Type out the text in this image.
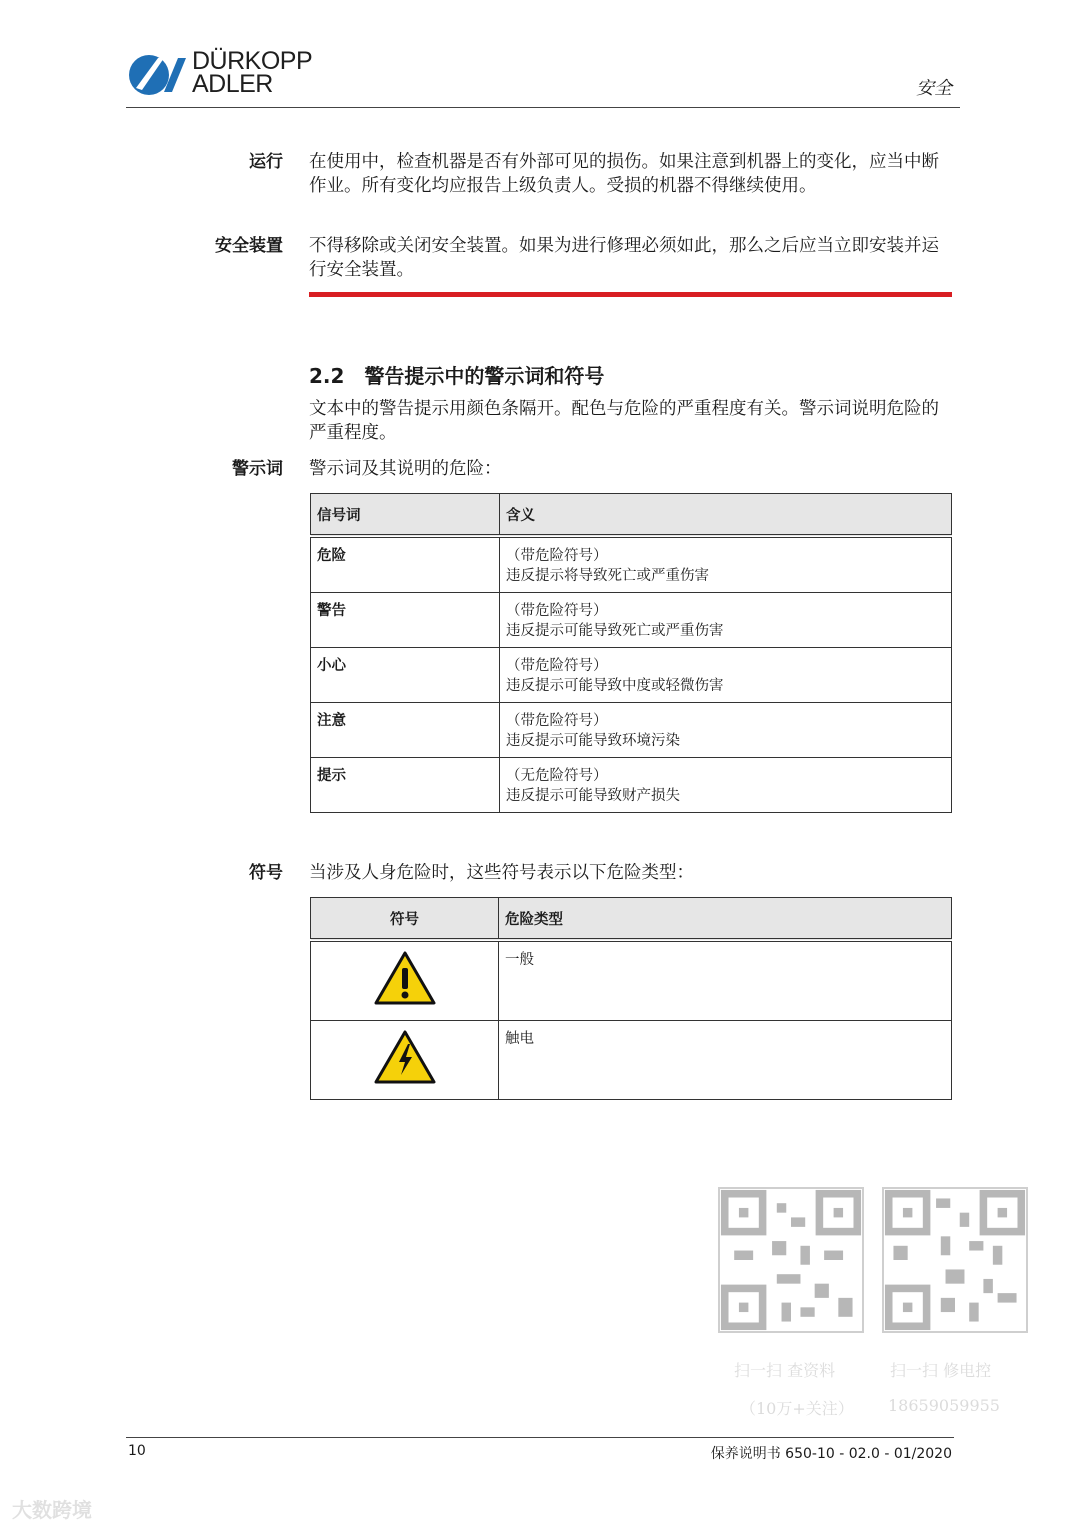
DÜRKOPP
ADLER	安全
运行 在使用中，检查机器是否有外部可见的损伤。如果注意到机器上的变化，应当中断作业。所有变化均应报告上级负责人。受损的机器不得继续使用。
安全装置 不得移除或关闭安全装置。如果为进行修理必须如此，那么之后应当立即安装并运行安全装置。
2.2 警告提示中的警示词和符号
文本中的警告提示用颜色条隔开。配色与危险的严重程度有关。警示词说明危险的严重程度。
警示词 警示词及其说明的危险：
信号词	含义
危险	（带危险符号）
违反提示将导致死亡或严重伤害

警告	（带危险符号）
违反提示可能导致死亡或严重伤害

小心	（带危险符号）
违反提示可能导致中度或轻微伤害

注意	（带危险符号）
违反提示可能导致环境污染

提示	（无危险符号）
违反提示可能导致财产损失
符号 当涉及人身危险时，这些符号表示以下危险类型：
符号	危险类型
	一般
	触电
扫一扫 查资料
（10万+关注）
扫一扫 修电控
18659059955
10	保养说明书 650-10 - 02.0 - 01/2020
大数跨境
